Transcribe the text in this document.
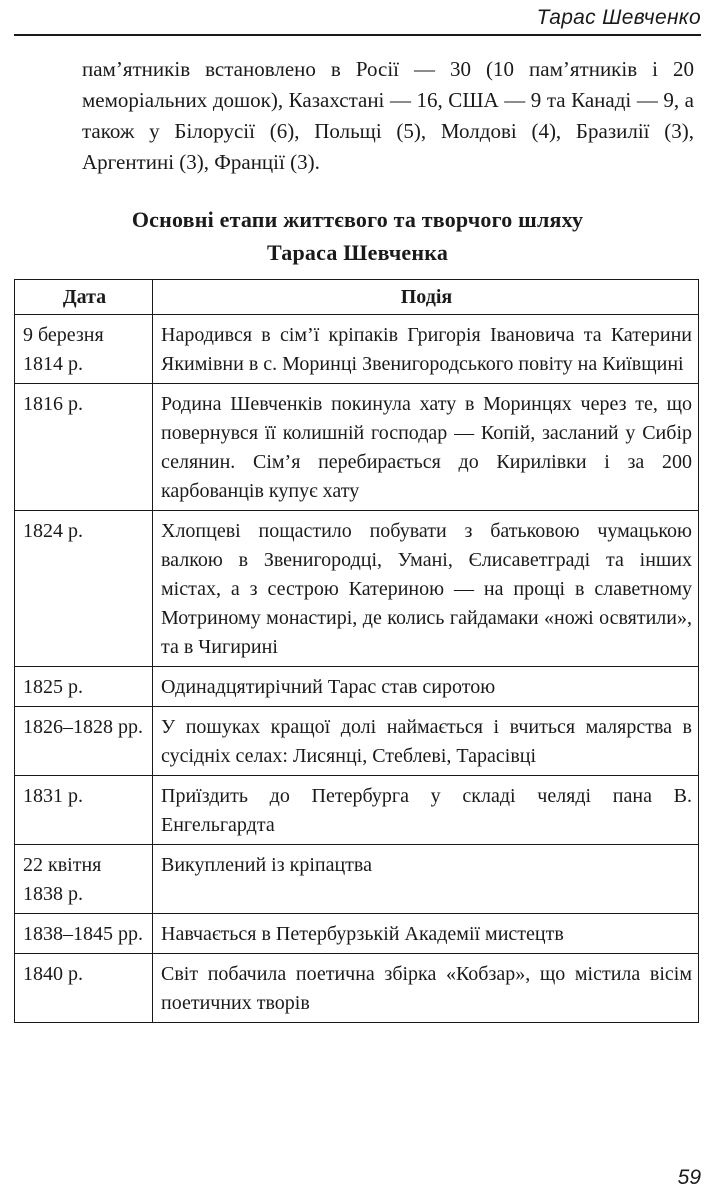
Тарас Шевченко
пам’ятників встановлено в Росії — 30 (10 пам’ятників і 20 меморіальних дошок), Казахстані — 16, США — 9 та Канаді — 9, а також у Білорусії (6), Польщі (5), Молдові (4), Бразилії (3), Аргентині (3), Франції (3).
Основні етапи життєвого та творчого шляху
Тараса Шевченка
Дата	Подія
9 березня 1814 р.	Народився в сім’ї кріпаків Григорія Івановича та Катерини Якимівни в с. Моринці Звенигородського повіту на Київщині
1816 р.	Родина Шевченків покинула хату в Моринцях через те, що повернувся її колишній господар — Копій, засланий у Сибір селянин. Сім’я перебирається до Кирилівки і за 200 карбованців купує хату
1824 р.	Хлопцеві пощастило побувати з батьковою чумацькою валкою в Звенигородці, Умані, Єлисаветграді та інших містах, а з сестрою Катериною — на прощі в славетному Мотриному монастирі, де колись гайдамаки «ножі освятили», та в Чигирині
1825 р.	Одинадцятирічний Тарас став сиротою
1826–1828 рр.	У пошуках кращої долі наймається і вчиться малярства в сусідніх селах: Лисянці, Стеблеві, Тарасівці
1831 р.	Приїздить до Петербурга у складі челяді пана В. Енгельгардта
22 квітня 1838 р.	Викуплений із кріпацтва
1838–1845 рр.	Навчається в Петербурзькій Академії мистецтв
1840 р.	Світ побачила поетична збірка «Кобзар», що містила вісім поетичних творів
59
